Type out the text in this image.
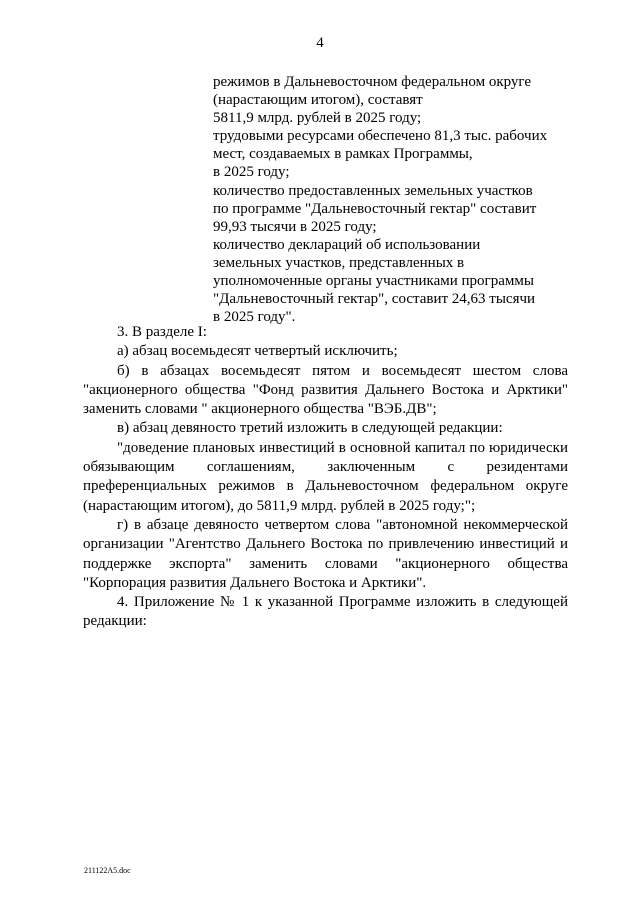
4
режимов в Дальневосточном федеральном округе
(нарастающим итогом), составят
5811,9 млрд. рублей в 2025 году;
трудовыми ресурсами обеспечено 81,3 тыс. рабочих
мест, создаваемых в рамках Программы,
в 2025 году;
количество предоставленных земельных участков
по программе "Дальневосточный гектар" составит
99,93 тысячи в 2025 году;
количество деклараций об использовании
земельных участков, представленных в
уполномоченные органы участниками программы
"Дальневосточный гектар", составит 24,63 тысячи
в 2025 году".

3. В разделе I:

а) абзац восемьдесят четвертый исключить;

б) в абзацах восемьдесят пятом и восемьдесят шестом слова "акционерного общества "Фонд развития Дальнего Востока и Арктики" заменить словами " акционерного общества "ВЭБ.ДВ";

в) абзац девяносто третий изложить в следующей редакции:

"доведение плановых инвестиций в основной капитал по юридически обязывающим соглашениям, заключенным с резидентами преференциальных режимов в Дальневосточном федеральном округе (нарастающим итогом), до 5811,9 млрд. рублей в 2025 году;";

г) в абзаце девяносто четвертом слова "автономной некоммерческой организации "Агентство Дальнего Востока по привлечению инвестиций и поддержке экспорта" заменить словами "акционерного общества "Корпорация развития Дальнего Востока и Арктики".

4. Приложение № 1 к указанной Программе изложить в следующей редакции:

211122A5.doc
